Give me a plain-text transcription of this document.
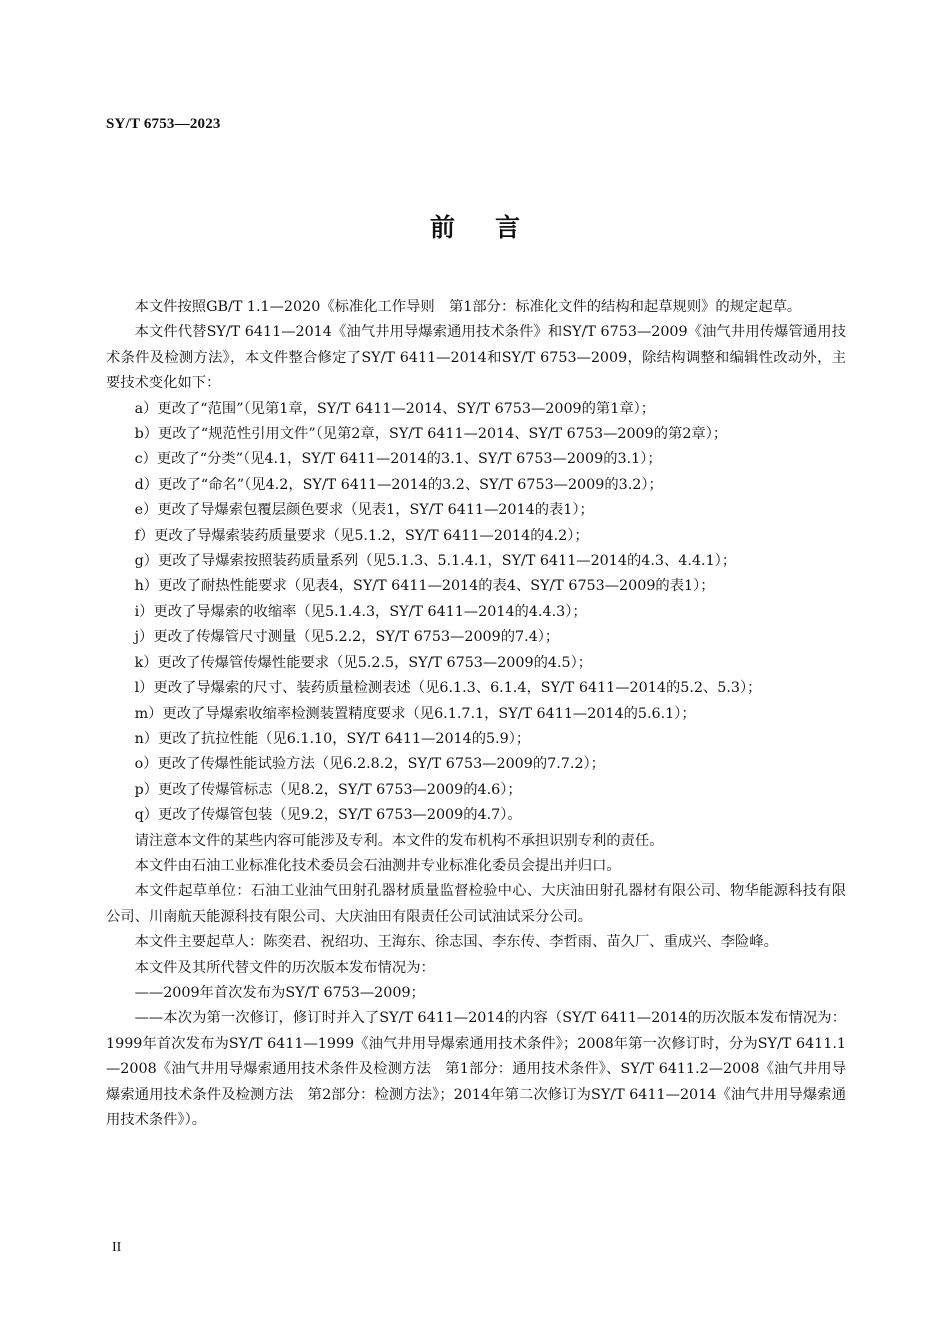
SY/T 6753—2023
前言

本文件按照GB/T 1.1—2020《标准化工作导则　第1部分：标准化文件的结构和起草规则》的规定起草。

本文件代替SY/T 6411—2014《油气井用导爆索通用技术条件》和SY/T 6753—2009《油气井用传爆管通用技术条件及检测方法》，本文件整合修定了SY/T 6411—2014和SY/T 6753—2009，除结构调整和编辑性改动外，主要技术变化如下：

a）更改了“范围”（见第1章，SY/T 6411—2014、SY/T 6753—2009的第1章）；

b）更改了“规范性引用文件”（见第2章，SY/T 6411—2014、SY/T 6753—2009的第2章）；

c）更改了“分类”（见4.1，SY/T 6411—2014的3.1、SY/T 6753—2009的3.1）；

d）更改了“命名”（见4.2，SY/T 6411—2014的3.2、SY/T 6753—2009的3.2）；

e）更改了导爆索包覆层颜色要求（见表1，SY/T 6411—2014的表1）；

f）更改了导爆索装药质量要求（见5.1.2，SY/T 6411—2014的4.2）；

g）更改了导爆索按照装药质量系列（见5.1.3、5.1.4.1，SY/T 6411—2014的4.3、4.4.1）；

h）更改了耐热性能要求（见表4，SY/T 6411—2014的表4、SY/T 6753—2009的表1）；

i）更改了导爆索的收缩率（见5.1.4.3，SY/T 6411—2014的4.4.3）；

j）更改了传爆管尺寸测量（见5.2.2，SY/T 6753—2009的7.4）；

k）更改了传爆管传爆性能要求（见5.2.5，SY/T 6753—2009的4.5）；

l）更改了导爆索的尺寸、装药质量检测表述（见6.1.3、6.1.4，SY/T 6411—2014的5.2、5.3）；

m）更改了导爆索收缩率检测装置精度要求（见6.1.7.1，SY/T 6411—2014的5.6.1）；

n）更改了抗拉性能（见6.1.10，SY/T 6411—2014的5.9）；

o）更改了传爆性能试验方法（见6.2.8.2，SY/T 6753—2009的7.7.2）；

p）更改了传爆管标志（见8.2，SY/T 6753—2009的4.6）；

q）更改了传爆管包装（见9.2，SY/T 6753—2009的4.7）。

请注意本文件的某些内容可能涉及专利。本文件的发布机构不承担识别专利的责任。

本文件由石油工业标准化技术委员会石油测井专业标准化委员会提出并归口。

本文件起草单位：石油工业油气田射孔器材质量监督检验中心、大庆油田射孔器材有限公司、物华能源科技有限公司、川南航天能源科技有限公司、大庆油田有限责任公司试油试采分公司。

本文件主要起草人：陈奕君、祝绍功、王海东、徐志国、李东传、李哲雨、苗久厂、重成兴、李险峰。

本文件及其所代替文件的历次版本发布情况为：

——2009年首次发布为SY/T 6753—2009；

——本次为第一次修订，修订时并入了SY/T 6411—2014的内容（SY/T 6411—2014的历次版本发布情况为：1999年首次发布为SY/T 6411—1999《油气井用导爆索通用技术条件》；2008年第一次修订时，分为SY/T 6411.1—2008《油气井用导爆索通用技术条件及检测方法　第1部分：通用技术条件》、SY/T 6411.2—2008《油气井用导爆索通用技术条件及检测方法　第2部分：检测方法》；2014年第二次修订为SY/T 6411—2014《油气井用导爆索通用技术条件》）。

II
